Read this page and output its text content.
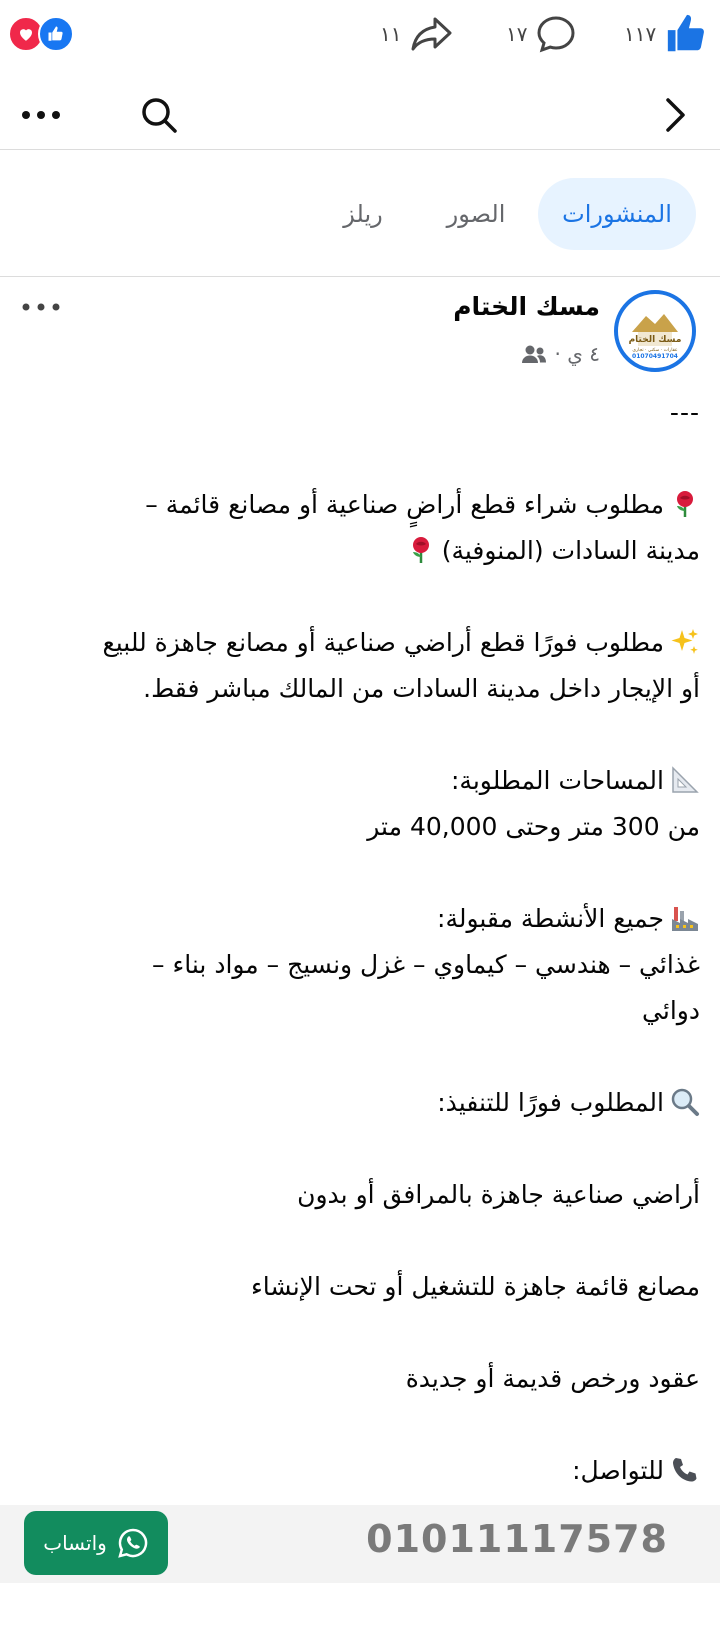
١١	١٧	١١٧
المنشورات
الصور
ريلز
مسك الختام
عقارات · سكني · تجاري
01070491704
مسك الختام
٤ ي ·
---
مطلوب شراء قطع أراضٍ صناعية أو مصانع قائمة –
مدينة السادات (المنوفية)
مطلوب فورًا قطع أراضي صناعية أو مصانع جاهزة للبيع
أو الإيجار داخل مدينة السادات من المالك مباشر فقط.
المساحات المطلوبة:
من 300 متر وحتى 40,000 متر
جميع الأنشطة مقبولة:
غذائي – هندسي – كيماوي – غزل ونسيج – مواد بناء –
دوائي
المطلوب فورًا للتنفيذ:
أراضي صناعية جاهزة بالمرافق أو بدون
مصانع قائمة جاهزة للتشغيل أو تحت الإنشاء
عقود ورخص قديمة أو جديدة
للتواصل:
واتساب	01011117578
